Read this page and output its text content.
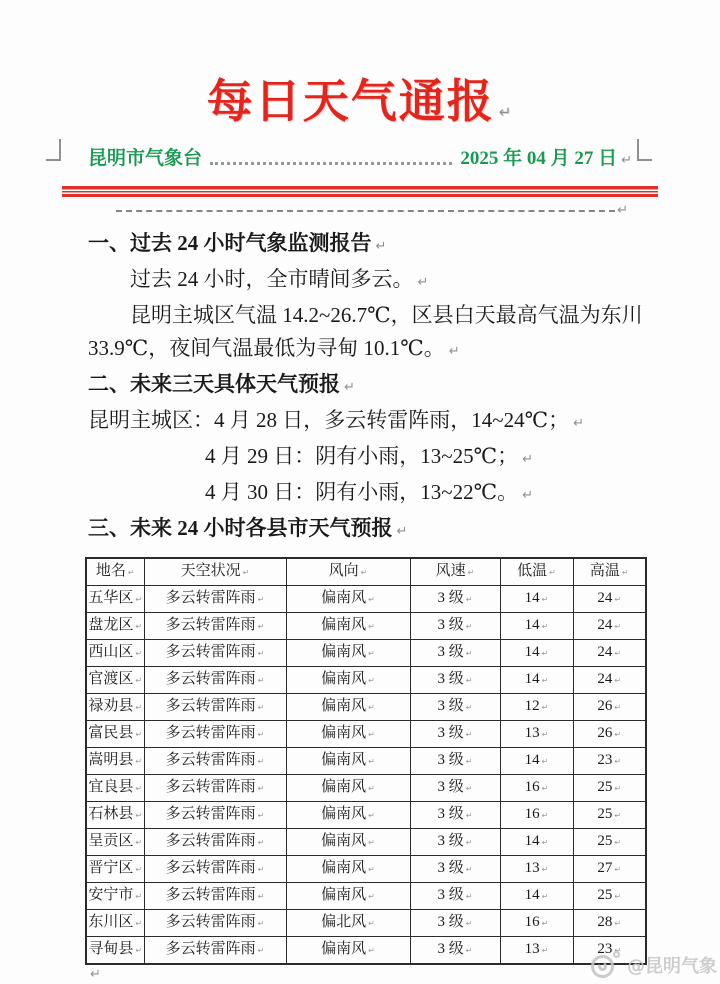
每日天气通报 ↵
昆明市气象台	2025 年 04 月 27 日 ↵
↵
一、过去 24 小时气象监测报告 ↵

过去 24 小时，全市晴间多云。 ↵

昆明主城区气温 14.2~26.7℃，区县白天最高气温为东川33.9℃，夜间气温最低为寻甸 10.1℃。 ↵

二、未来三天具体天气预报 ↵

昆明主城区：4 月 28 日，多云转雷阵雨，14~24℃； ↵

4 月 29 日：阴有小雨，13~25℃； ↵

4 月 30 日：阴有小雨，13~22℃。 ↵

三、未来 24 小时各县市天气预报 ↵
地名 ↵	天空状况 ↵	风向 ↵	风速 ↵	低温 ↵	高温 ↵
五华区 ↵	多云转雷阵雨 ↵	偏南风 ↵	3 级 ↵	14 ↵	24 ↵
盘龙区 ↵	多云转雷阵雨 ↵	偏南风 ↵	3 级 ↵	14 ↵	24 ↵
西山区 ↵	多云转雷阵雨 ↵	偏南风 ↵	3 级 ↵	14 ↵	24 ↵
官渡区 ↵	多云转雷阵雨 ↵	偏南风 ↵	3 级 ↵	14 ↵	24 ↵
禄劝县 ↵	多云转雷阵雨 ↵	偏南风 ↵	3 级 ↵	12 ↵	26 ↵
富民县 ↵	多云转雷阵雨 ↵	偏南风 ↵	3 级 ↵	13 ↵	26 ↵
嵩明县 ↵	多云转雷阵雨 ↵	偏南风 ↵	3 级 ↵	14 ↵	23 ↵
宜良县 ↵	多云转雷阵雨 ↵	偏南风 ↵	3 级 ↵	16 ↵	25 ↵
石林县 ↵	多云转雷阵雨 ↵	偏南风 ↵	3 级 ↵	16 ↵	25 ↵
呈贡区 ↵	多云转雷阵雨 ↵	偏南风 ↵	3 级 ↵	14 ↵	25 ↵
晋宁区 ↵	多云转雷阵雨 ↵	偏南风 ↵	3 级 ↵	13 ↵	27 ↵
安宁市 ↵	多云转雷阵雨 ↵	偏南风 ↵	3 级 ↵	14 ↵	25 ↵
东川区 ↵	多云转雷阵雨 ↵	偏北风 ↵	3 级 ↵	16 ↵	28 ↵
寻甸县 ↵	多云转雷阵雨 ↵	偏南风 ↵	3 级 ↵	13 ↵	23 ↵
↵	@昆明气象
